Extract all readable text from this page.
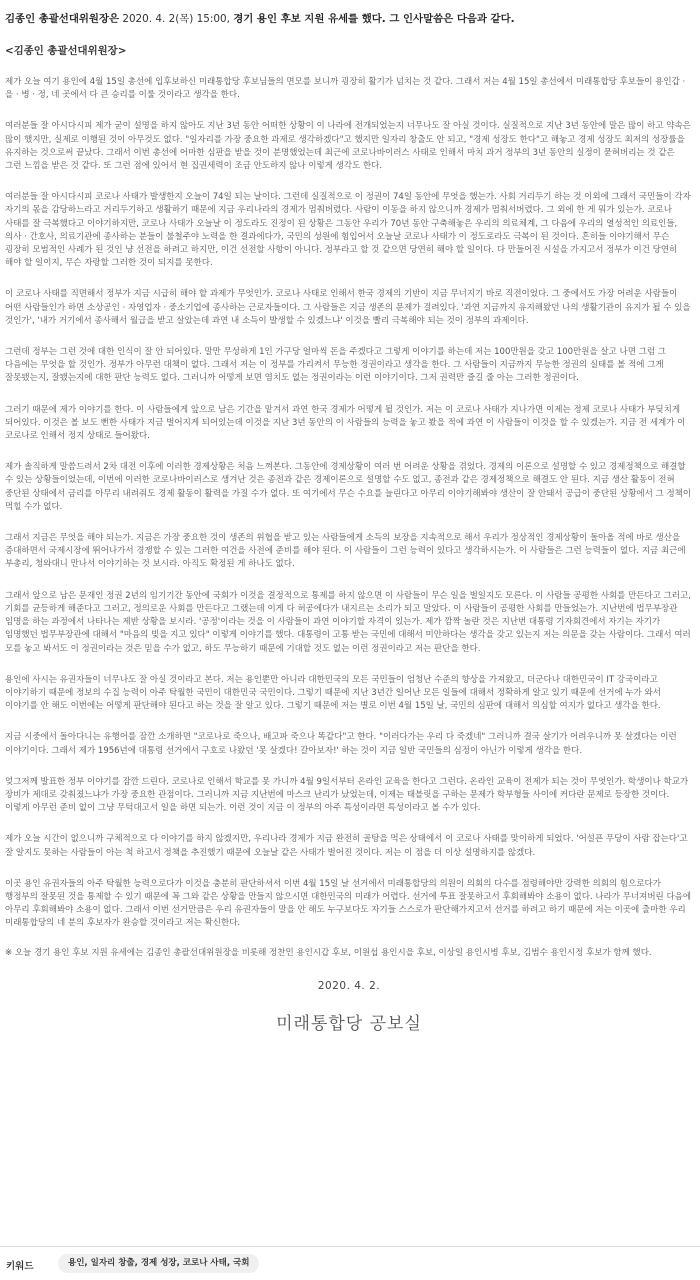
김종인 총괄선대위원장은 2020. 4. 2(목) 15:00, 경기 용인 후보 지원 유세를 했다. 그 인사말씀은 다음과 같다.

<김종인 총괄선대위원장>

제가 오늘 여기 용인에 4월 15일 총선에 입후보하신 미래통합당 후보님들의 면모를 보니까 굉장히 활기가 넘치는 것 같다. 그래서 저는 4월 15일 총선에서 미래통합당 후보들이 용인갑 · 을 · 병 · 정, 네 곳에서 다 큰 승리를 이룰 것이라고 생각을 한다.

여러분들 잘 아시다시피 제가 굳이 설명을 하지 않아도 지난 3년 동안 어떠한 상황이 이 나라에 전개되었는지 너무나도 잘 아실 것이다. 실질적으로 지난 3년 동안에 말은 많이 하고 약속은 많이 했지만, 실제로 이행된 것이 아무것도 없다. "일자리를 가장 중요한 과제로 생각하겠다"고 했지만 일자리 창출도 안 되고, "경제 성장도 한다"고 해놓고 경제 성장도 최저의 성장률을 유지하는 것으로써 끝났다. 그래서 이번 총선에 어마한 심판을 받을 것이 분명했었는데 최근에 코로나바이러스 사태로 인해서 마치 과거 정부의 3년 동안의 실정이 묻혀버리는 것 같은 그런 느낌을 받은 것 같다. 또 그런 점에 있어서 현 집권세력이 조금 안도하지 않나 이렇게 생각도 한다.

여러분들 잘 아시다시피 코로나 사태가 발생한지 오늘이 74일 되는 날이다. 그런데 실질적으로 이 정권이 74일 동안에 무엇을 했는가. 사회 거리두기 하는 것 이외에 그래서 국민들이 각자 자기의 몫을 감당하느라고 거리두기하고 생활하기 때문에 지금 우리나라의 경제가 멈춰버렸다. 사람이 이동을 하지 않으니까 경제가 멈춰서버렸다. 그 외에 한 게 뭐가 있는가. 코로나 사태를 잘 극복했다고 이야기하지만, 코로나 사태가 오늘날 이 정도라도 진정이 된 상황은 그동안 우리가 70년 동안 구축해놓은 우리의 의료체계, 그 다음에 우리의 열성적인 의료인들, 의사 · 간호사, 의료기관에 종사하는 분들이 불철주야 노력을 한 결과에다가, 국민의 성원에 힘입어서 오늘날 코로나 사태가 이 정도로라도 극복이 된 것이다. 흔히들 이야기해서 무슨 굉장히 모범적인 사례가 된 것인 냥 선전을 하려고 하지만, 이건 선전할 사항이 아니다. 정부라고 할 것 같으면 당연히 해야 할 일이다. 다 만들어진 시설을 가지고서 정부가 이건 당연히 해야 할 일이지, 무슨 자랑할 그러한 것이 되지를 못한다.

이 코로나 사태를 직면해서 정부가 지금 시급히 해야 할 과제가 무엇인가. 코로나 사태로 인해서 한국 경제의 기반이 지금 무너지기 바로 직전이었다. 그 중에서도 가장 어려운 사람들이 어떤 사람들인가 하면 소상공인 · 자영업자 · 중소기업에 종사하는 근로자들이다. 그 사람들은 지금 생존의 문제가 걸려있다. '과연 지금까지 유지해왔던 나의 생활기관이 유지가 될 수 있을 것인가', '내가 거기에서 종사해서 월급을 받고 살았는데 과연 내 소득이 발생할 수 있겠느냐' 이것을 빨리 극복해야 되는 것이 정부의 과제이다.

그런데 정부는 그런 것에 대한 인식이 잘 안 되어있다. 말만 무성하게 1인 가구당 얼마씩 돈을 주겠다고 그렇게 이야기를 하는데 저는 100만원을 갖고 100만원을 살고 나면 그럼 그 다음에는 무엇을 할 것인가. 정부가 아무런 대책이 없다. 그래서 저는 이 정부를 가리켜서 무능한 정권이라고 생각을 한다. 그 사람들이 지금까지 무능한 정권의 실태를 볼 적에 그게 잘못됐는지, 잘됐는지에 대한 판단 능력도 없다. 그러니까 어떻게 보면 염치도 없는 정권이라는 이런 이야기이다. 그저 권력만 즐길 줄 아는 그러한 정권이다.

그러기 때문에 제가 이야기를 한다. 이 사람들에게 앞으로 남은 기간을 맡겨서 과연 한국 경제가 어떻게 될 것인가. 저는 이 코로나 사태가 지나가면 이제는 정제 코로나 사태가 부딪치게 되어있다. 이것은 볼 보도 뻔한 사태가 지금 벌어지게 되어있는데 이것을 지난 3년 동안의 이 사람들의 능력을 놓고 봤을 적에 과연 이 사람들이 이것을 할 수 있겠는가. 지금 전 세계가 이 코로나로 인해서 정지 상태로 들어왔다.

제가 솔직하게 말씀드려서 2차 대전 이후에 이러한 경제상황은 처음 느껴본다. 그동안에 경제상황이 여러 번 어려운 상황을 겪었다. 경제의 이론으로 설명할 수 있고 경제정책으로 해결할 수 있는 상황들이었는데, 이번에 이러한 코로나바이러스로 생겨난 것은 종전과 같은 경제이론으로 설명할 수도 없고, 종전과 같은 경제정책으로 해결도 안 된다. 지금 생산 활동이 전혀 중단된 상태에서 금리를 아무리 내려줘도 경제 활동이 활력을 가질 수가 없다. 또 여기에서 무슨 수요를 늘린다고 아무리 이야기해봐야 생산이 잘 안돼서 공급이 중단된 상황에서 그 정책이 먹힐 수가 없다.

그래서 지금은 무엇을 해야 되는가. 지금은 가장 중요한 것이 생존의 위협을 받고 있는 사람들에게 소득의 보장을 지속적으로 해서 우리가 정상적인 경제상황이 돌아올 적에 바로 생산을 증대하면서 국제시장에 뛰어나가서 경쟁할 수 있는 그러한 여건을 사전에 준비를 해야 된다. 이 사람들이 그런 능력이 있다고 생각하시는가. 이 사람들은 그런 능력들이 없다. 지금 최근에 부총리, 청와대니 만나서 이야기하는 것 보시라. 아직도 확정된 게 하나도 없다.

그래서 앞으로 남은 문재인 정권 2년의 임기기간 동안에 국회가 이것을 결정적으로 통제를 하지 않으면 이 사람들이 무슨 일을 벌일지도 모른다. 이 사람들 공평한 사회를 만든다고 그러고, 기회를 균등하게 해준다고 그러고, 정의로운 사회를 만든다고 그랬는데 이게 다 허공에다가 내지르는 소리가 되고 말았다. 이 사람들이 공평한 사회를 만들었는가. 지난번에 법무부장관 임명을 하는 과정에서 나타나는 제반 상황을 보시라. '공정'이라는 것을 이 사람들이 과연 이야기할 자격이 있는가. 제가 깜짝 놀란 것은 지난번 대통령 기자회견에서 자기는 자기가 임명했던 법무부장관에 대해서 "마음의 빚을 지고 있다" 이렇게 이야기를 했다. 대통령이 고통 받는 국민에 대해서 미안하다는 생각을 갖고 있는지 저는 의문을 갖는 사람이다. 그래서 여러 모를 놓고 봐서도 이 정권이라는 것은 믿을 수가 없고, 하도 무능하기 때문에 기대할 것도 없는 이런 정권이라고 저는 판단을 한다.

용인에 사시는 유권자들이 너무나도 잘 아실 것이라고 본다. 저는 용인뿐만 아니라 대한민국의 모든 국민들이 엄청난 수준의 향상을 가져왔고, 더군다나 대한민국이 IT 강국이라고 이야기하기 때문에 정보의 수집 능력이 아주 탁월한 국민이 대한민국 국민이다. 그렇기 때문에 지난 3년간 일어난 모든 일들에 대해서 정확하게 알고 있기 때문에 선거에 누가 와서 이야기를 안 해도 이번에는 어떻게 판단해야 된다고 하는 것을 잘 알고 있다. 그렇기 때문에 저는 별로 이번 4월 15일 날, 국민의 심판에 대해서 의심할 여지가 없다고 생각을 한다.

지금 시중에서 돌아다니는 유행어를 잠깐 소개하면 "코로나로 죽으나, 배고파 죽으나 똑같다"고 한다. "이러다가는 우리 다 죽겠네" 그러니까 결국 살기가 어려우니까 못 살겠다는 이런 이야기이다. 그래서 제가 1956년에 대통령 선거에서 구호로 나왔던 '못 살겠다! 갈아보자!' 하는 것이 지금 일반 국민들의 심정이 아닌가 이렇게 생각을 한다.

엊그저께 발표한 정부 이야기를 잠깐 드린다. 코로나로 인해서 학교를 못 가니까 4월 9일서부터 온라인 교육을 한다고 그런다. 온라인 교육이 전제가 되는 것이 무엇인가. 학생이나 학교가 장비가 제대로 갖춰졌느냐가 가장 중요한 관점이다. 그러니까 지금 지난번에 마스크 난리가 났었는데, 이제는 태블릿을 구하는 문제가 학부형들 사이에 커다란 문제로 등장한 것이다. 이렇게 아무런 준비 없이 그냥 무턱대고서 일을 하면 되는가. 이런 것이 지금 이 정부의 아주 특성이라면 특성이라고 볼 수가 있다.

제가 오늘 시간이 없으니까 구체적으로 다 이야기를 하지 않겠지만, 우리나라 경제가 지금 완전히 골탕을 먹은 상태에서 이 코로나 사태를 맞이하게 되었다. '어설픈 무당이 사람 잡는다'고 잘 알지도 못하는 사람들이 아는 척 하고서 정책을 추진했기 때문에 오늘날 같은 사태가 벌어진 것이다. 저는 이 점을 더 이상 설명하지를 않겠다.

이곳 용인 유권자들의 아주 탁월한 능력으로다가 이것을 충분히 판단하셔서 이번 4월 15일 날 선거에서 미래통합당의 의원이 의회의 다수를 점령해야만 강력한 의회의 힘으로다가 행정부의 잘못된 것을 통제할 수 있기 때문에 꼭 그와 같은 상황을 만들지 않으시면 대한민국의 미래가 어렵다. 선거에 투표 잘못하고서 후회해봐야 소용이 없다. 나라가 무너져버린 다음에 아무리 후회해봐야 소용이 없다. 그래서 이번 선거만큼은 우리 유권자들이 말을 안 해도 누구보다도 자기들 스스로가 판단해가지고서 선거를 하려고 하기 때문에 저는 이곳에 출마한 우리 미래통합당의 네 분의 후보자가 완승할 것이라고 저는 확신한다.

※ 오늘 경기 용인 후보 지원 유세에는 김종인 총괄선대위원장을 비롯해 정찬민 용인시갑 후보, 이원섭 용인시을 후보, 이상일 용인시병 후보, 김범수 용인시정 후보가 함께 했다.

2020. 4. 2.

미래통합당 공보실

키워드	용인, 일자리 창출, 경제 성장, 코로나 사태, 국회
